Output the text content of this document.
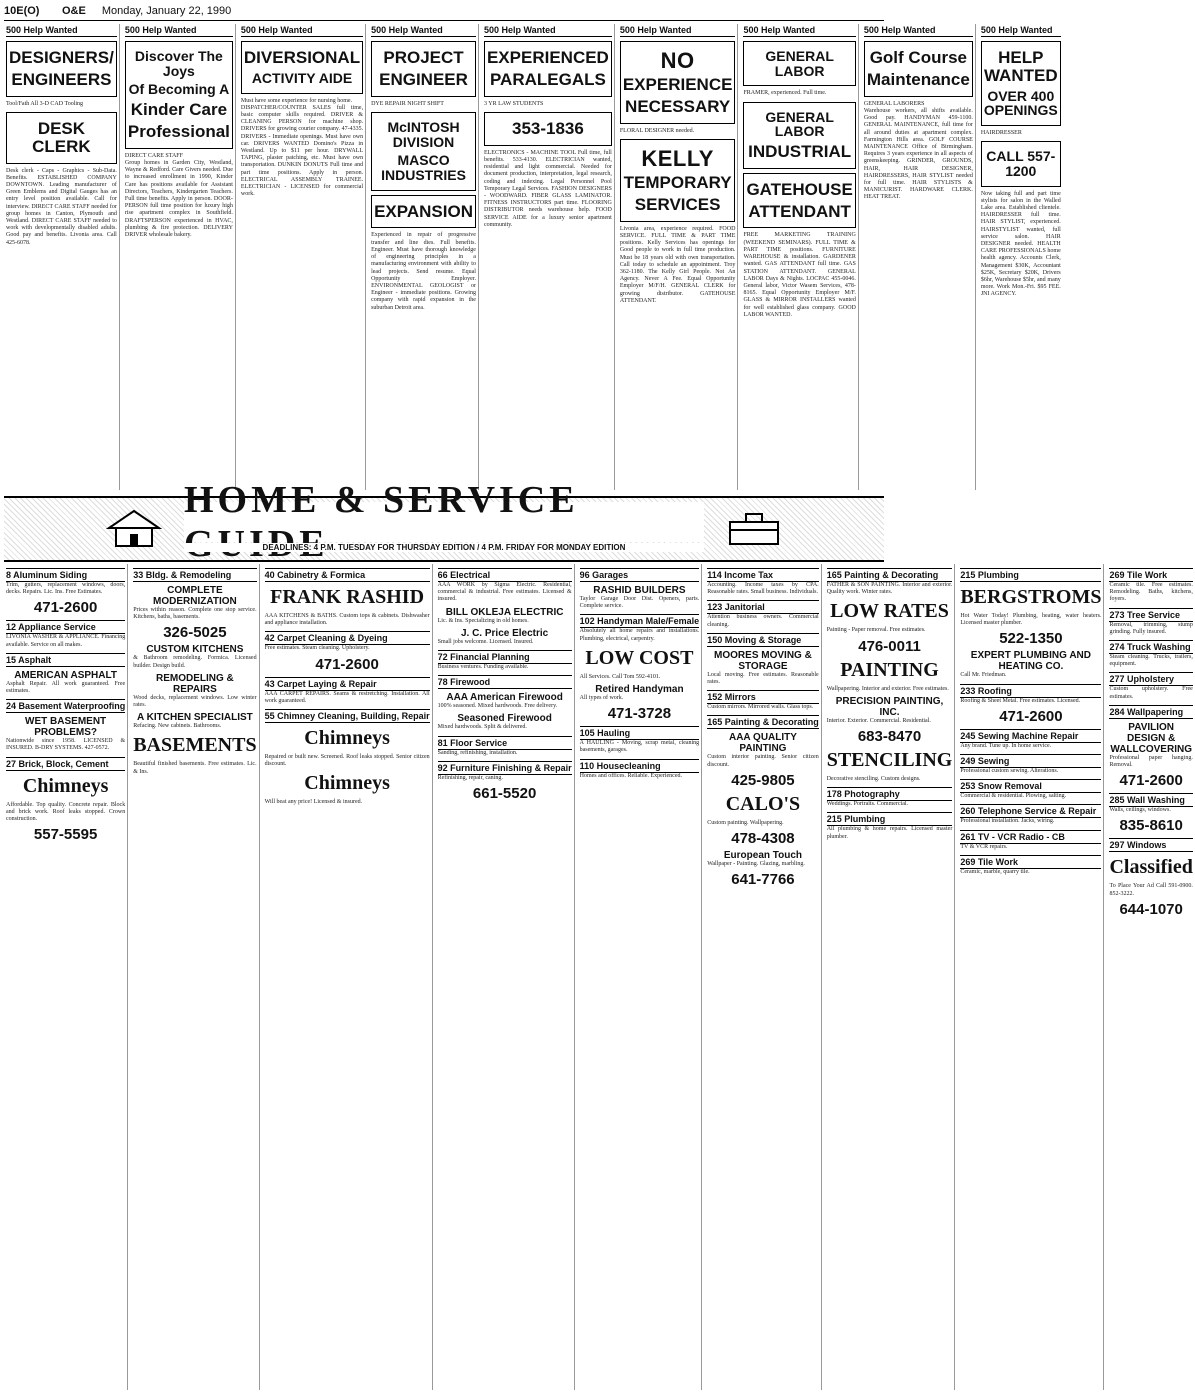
10E(O)	O&E Monday, January 22, 1990
500 Help Wanted
DESIGNERS/
ENGINEERS
Tool/Fath All 3-D CAD Tooling
DESK CLERK
Desk clerk - Caps - Graphics - Sub-Data. Benefits. ESTABLISHED COMPANY DOWNTOWN. Leading manufacturer of Green Emblems and Digital Gauges has an entry level position available. Call for interview. DIRECT CARE STAFF needed for group homes in Canton, Plymouth and Westland. DIRECT CARE STAFF needed to work with developmentally disabled adults. Good pay and benefits. Livonia area. Call 425-6078.
500 Help Wanted
Discover The Joys
Of Becoming A
Kinder Care
Professional
DIRECT CARE STAFF
Group homes in Garden City, Westland, Wayne & Redford. Care Givers needed. Due to increased enrollment in 1990, Kinder Care has positions available for Assistant Directors, Teachers, Kindergarten Teachers. Full time benefits. Apply in person. DOOR-PERSON full time position for luxury high rise apartment complex in Southfield. DRAFTSPERSON experienced in HVAC, plumbing & fire protection. DELIVERY DRIVER wholesale bakery.
500 Help Wanted
DIVERSIONAL
ACTIVITY AIDE
Must have some experience for nursing home.
DISPATCHER/COUNTER SALES full time, basic computer skills required. DRIVER & CLEANING PERSON for machine shop. DRIVERS for growing courier company. 47-4335. DRIVERS - Immediate openings. Must have own car. DRIVERS WANTED Domino's Pizza in Westland. Up to $11 per hour. DRYWALL TAPING, plaster patching, etc. Must have own transportation. DUNKIN DONUTS Full time and part time positions. Apply in person. ELECTRICAL ASSEMBLY TRAINEE. ELECTRICIAN - LICENSED for commercial work.
500 Help Wanted
PROJECT
ENGINEER
DYE REPAIR NIGHT SHIFT
McINTOSH DIVISION
MASCO INDUSTRIES
EXPANSION
Experienced in repair of progressive transfer and line dies. Full benefits. Engineer. Must have thorough knowledge of engineering principles in a manufacturing environment with ability to lead projects. Send resume. Equal Opportunity Employer. ENVIRONMENTAL GEOLOGIST or Engineer - immediate positions. Growing company with rapid expansion in the suburban Detroit area.
500 Help Wanted
EXPERIENCED
PARALEGALS
3 YR LAW STUDENTS
353-1836
ELECTRONICS - MACHINE TOOL Full time, full benefits. 533-4130. ELECTRICIAN wanted, residential and light commercial. Needed for document production, interpretation, legal research, coding and indexing. Legal Personnel Pool Temporary Legal Services. FASHION DESIGNERS - WOODWARD. FIBER GLASS LAMINATOR. FITNESS INSTRUCTORS part time. FLOORING DISTRIBUTOR needs warehouse help. FOOD SERVICE AIDE for a luxury senior apartment community.
500 Help Wanted
NO
EXPERIENCE
NECESSARY
FLORAL DESIGNER needed.
KELLY
TEMPORARY
SERVICES
Livonia area, experience required. FOOD SERVICE. FULL TIME & PART TIME positions. Kelly Services has openings for Good people to work in full time production. Must be 18 years old with own transportation. Call today to schedule an appointment. Troy 362-1180. The Kelly Girl People. Not An Agency. Never A Fee. Equal Opportunity Employer M/F/H. GENERAL CLERK for growing distributor. GATEHOUSE ATTENDANT.
500 Help Wanted
GENERAL LABOR
FRAMER, experienced. Full time.
GENERAL LABOR
INDUSTRIAL
GATEHOUSE
ATTENDANT
FREE MARKETING TRAINING (WEEKEND SEMINARS). FULL TIME & PART TIME positions. FURNITURE WAREHOUSE & installation. GARDENER wanted. GAS ATTENDANT full time. GAS STATION ATTENDANT. GENERAL LABOR Days & Nights. LOCPAC 455-0046. General labor, Victor Wasem Services, 478-8165. Equal Opportunity Employer M/F. GLASS & MIRROR INSTALLERS wanted for well established glass company. GOOD LABOR WANTED.
500 Help Wanted
Golf Course
Maintenance
GENERAL LABORERS
Warehouse workers, all shifts available. Good pay. HANDYMAN 459-1100. GENERAL MAINTENANCE, full time for all around duties at apartment complex. Farmington Hills area. GOLF COURSE MAINTENANCE Office of Birmingham. Requires 3 years experience in all aspects of greenskeeping. GRINDER, GROUNDS, HAIR, HAIR DESIGNER, HAIRDRESSERS, HAIR STYLIST needed for full time. HAIR STYLISTS & MANICURIST. HARDWARE CLERK. HEAT TREAT.
500 Help Wanted
HELP WANTED
OVER 400 OPENINGS
HAIRDRESSER
CALL 557-1200
Now taking full and part time stylists for salon in the Walled Lake area. Established clientele. HAIRDRESSER full time. HAIR STYLIST, experienced. HAIRSTYLIST wanted, full service salon. HAIR DESIGNER needed. HEALTH CARE PROFESSIONALS home health agency. Accounts Clerk, Management $30K, Accountant $25K, Secretary $20K, Drivers $6hr, Warehouse $5hr, and many more. Work Mon.-Fri. $95 FEE. JNI AGENCY.
HOME & SERVICE
DEADLINES: 4 P.M. TUESDAY FOR THURSDAY EDITION / 4 P.M. FRIDAY FOR MONDAY EDITION
8 Aluminum Siding
Trim, gutters, replacement windows, doors, decks. Repairs. Lic. Ins. Free Estimates.
471-2600
12 Appliance Service
LIVONIA WASHER & APPLIANCE. Financing available. Service on all makes.
15 Asphalt
AMERICAN ASPHALT
Asphalt Repair. All work guaranteed. Free estimates.
24 Basement Waterproofing
WET BASEMENT PROBLEMS?
Nationwide since 1958. LICENSED & INSURED. B-DRY SYSTEMS. 427-0572.
27 Brick, Block, Cement
Chimneys
Affordable. Top quality. Concrete repair. Block and brick work. Roof leaks stopped. Crown construction.
557-5595
33 Bldg. & Remodeling
COMPLETE MODERNIZATION
Prices within reason. Complete one stop service. Kitchens, baths, basements.
326-5025
CUSTOM KITCHENS
& Bathroom remodeling. Formica. Licensed builder. Design build.
REMODELING & REPAIRS
Wood decks, replacement windows. Low winter rates.
A KITCHEN SPECIALIST
Refacing. New cabinets. Bathrooms.
BASEMENTS
Beautiful finished basements. Free estimates. Lic. & Ins.
40 Cabinetry & Formica
FRANK RASHID
AAA KITCHENS & BATHS. Custom tops & cabinets. Dishwasher and appliance installation.
42 Carpet Cleaning & Dyeing
Free estimates. Steam cleaning. Upholstery.
471-2600
43 Carpet Laying & Repair
AAA CARPET REPAIRS. Seams & restretching. Installation. All work guaranteed.
55 Chimney Cleaning, Building, Repair
Chimneys
Repaired or built new. Screened. Roof leaks stopped. Senior citizen discount.
Chimneys
Will beat any price! Licensed & insured.
66 Electrical
AAA WORK by Sigma Electric. Residential, commercial & industrial. Free estimates. Licensed & insured.
BILL OKLEJA ELECTRIC
Lic. & Ins. Specializing in old homes.
J. C. Price Electric
Small jobs welcome. Licensed. Insured.
72 Financial Planning
Business ventures. Funding available.
78 Firewood
AAA American Firewood
100% seasoned. Mixed hardwoods. Free delivery.
Seasoned Firewood
Mixed hardwoods. Split & delivered.
81 Floor Service
Sanding, refinishing, installation.
92 Furniture Finishing & Repair
Refinishing, repair, caning.
661-5520
96 Garages
RASHID BUILDERS
Taylor Garage Door Dist. Openers, parts. Complete service.
102 Handyman Male/Female
Absolutely all home repairs and installations. Plumbing, electrical, carpentry.
LOW COST
All Services. Call Tom 592-4101.
Retired Handyman
All types of work.
471-3728
105 Hauling
A HAULING - Moving, scrap metal, cleaning basements, garages.
110 Housecleaning
Homes and offices. Reliable. Experienced.
114 Income Tax
Accounting. Income taxes by CPA. Reasonable rates. Small business. Individuals.
123 Janitorial
Attention business owners. Commercial cleaning.
150 Moving & Storage
MOORES MOVING & STORAGE
Local moving. Free estimates. Reasonable rates.
152 Mirrors
Custom mirrors. Mirrored walls. Glass tops.
165 Painting & Decorating
AAA QUALITY PAINTING
Custom interior painting. Senior citizen discount.
425-9805
CALO'S
Custom painting. Wallpapering.
478-4308
European Touch
Wallpaper - Painting. Glazing, marbling.
641-7766
165 Painting & Decorating
FATHER & SON PAINTING. Interior and exterior. Quality work. Winter rates.
LOW RATES
Painting - Paper removal. Free estimates.
476-0011
PAINTING
Wallpapering. Interior and exterior. Free estimates.
PRECISION PAINTING, INC.
Interior. Exterior. Commercial. Residential.
683-8470
STENCILING
Decorative stenciling. Custom designs.
178 Photography
Weddings. Portraits. Commercial.
215 Plumbing
All plumbing & home repairs. Licensed master plumber.
215 Plumbing
BERGSTROMS
Hot Water Today! Plumbing, heating, water heaters. Licensed master plumber.
522-1350
EXPERT PLUMBING AND HEATING CO.
Call Mr. Friedman.
233 Roofing
Roofing & Sheet Metal. Free estimates. Licensed.
471-2600
245 Sewing Machine Repair
Any brand. Tune up. In home service.
249 Sewing
Professional custom sewing. Alterations.
253 Snow Removal
Commercial & residential. Plowing, salting.
260 Telephone Service & Repair
Professional installation. Jacks, wiring.
261 TV - VCR Radio - CB
TV & VCR repairs.
269 Tile Work
Ceramic, marble, quarry tile.
269 Tile Work
Ceramic tile. Free estimates. Remodeling. Baths, kitchens, foyers.
273 Tree Service
Removal, trimming, stump grinding. Fully insured.
274 Truck Washing
Steam cleaning. Trucks, trailers, equipment.
277 Upholstery
Custom upholstery. Free estimates.
284 Wallpapering
PAVILION DESIGN & WALLCOVERING
Professional paper hanging. Removal.
471-2600
285 Wall Washing
Walls, ceilings, windows.
835-8610
297 Windows
Classified
To Place Your Ad Call 591-0900. 852-3222.
644-1070
